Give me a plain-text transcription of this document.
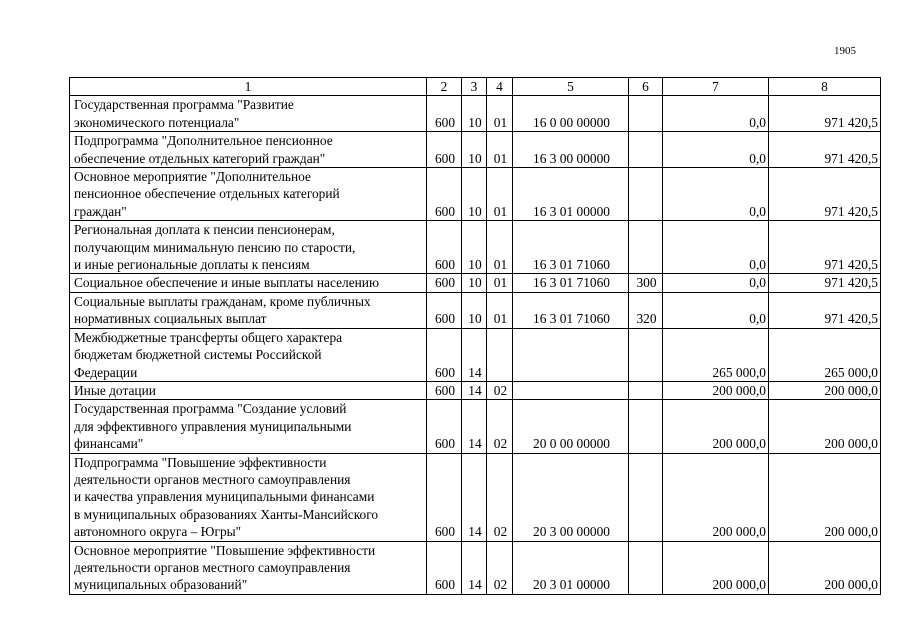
1905
1	2	3	4	5	6	7	8
Государственная программа "Развитие
экономического потенциала"	600	10	01	16 0 00 00000		0,0	971 420,5
Подпрограмма "Дополнительное пенсионное
обеспечение отдельных категорий граждан"	600	10	01	16 3 00 00000		0,0	971 420,5
Основное мероприятие "Дополнительное
пенсионное обеспечение отдельных категорий
граждан"	600	10	01	16 3 01 00000		0,0	971 420,5
Региональная доплата к пенсии пенсионерам,
получающим минимальную пенсию по старости,
и иные региональные доплаты к пенсиям	600	10	01	16 3 01 71060		0,0	971 420,5
Социальное обеспечение и иные выплаты населению	600	10	01	16 3 01 71060	300	0,0	971 420,5
Социальные выплаты гражданам, кроме публичных
нормативных социальных выплат	600	10	01	16 3 01 71060	320	0,0	971 420,5
Межбюджетные трансферты общего характера
бюджетам бюджетной системы Российской
Федерации	600	14				265 000,0	265 000,0
Иные дотации	600	14	02			200 000,0	200 000,0
Государственная программа "Создание условий
для эффективного управления муниципальными
финансами"	600	14	02	20 0 00 00000		200 000,0	200 000,0
Подпрограмма "Повышение эффективности
деятельности органов местного самоуправления
и качества управления муниципальными финансами
в муниципальных образованиях Ханты-Мансийского
автономного округа – Югры"	600	14	02	20 3 00 00000		200 000,0	200 000,0
Основное мероприятие "Повышение эффективности
деятельности органов местного самоуправления
муниципальных образований"	600	14	02	20 3 01 00000		200 000,0	200 000,0
